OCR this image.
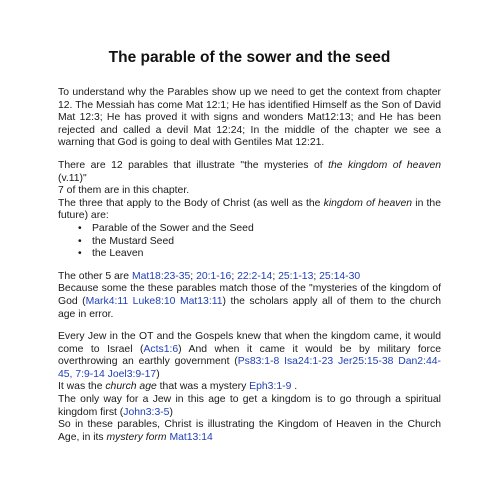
The parable of the sower and the seed

To understand why the Parables show up we need to get the context from chapter 12. The Messiah has come Mat 12:1; He has identified Himself as the Son of David Mat 12:3; He has proved it with signs and wonders Mat12:13; and He has been rejected and called a devil Mat 12:24; In the middle of the chapter we see a warning that God is going to deal with Gentiles Mat 12:21.

There are 12 parables that illustrate "the mysteries of the kingdom of heaven (v.11)"

7 of them are in this chapter.

The three that apply to the Body of Christ (as well as the kingdom of heaven in the future) are:

• Parable of the Sower and the Seed
• the Mustard Seed
• the Leaven

The other 5 are Mat18:23-35; 20:1-16; 22:2-14; 25:1-13; 25:14-30

Because some the these parables match those of the "mysteries of the kingdom of God (Mark4:11 Luke8:10 Mat13:11) the scholars apply all of them to the church age in error.

Every Jew in the OT and the Gospels knew that when the kingdom came, it would come to Israel (Acts1:6) And when it came it would be by military force overthrowing an earthly government (Ps83:1-8 Isa24:1-23 Jer25:15-38 Dan2:44-45, 7:9-14 Joel3:9-17)

It was the church age that was a mystery Eph3:1-9 .

The only way for a Jew in this age to get a kingdom is to go through a spiritual kingdom first (John3:3-5)

So in these parables, Christ is illustrating the Kingdom of Heaven in the Church Age, in its mystery form Mat13:14
